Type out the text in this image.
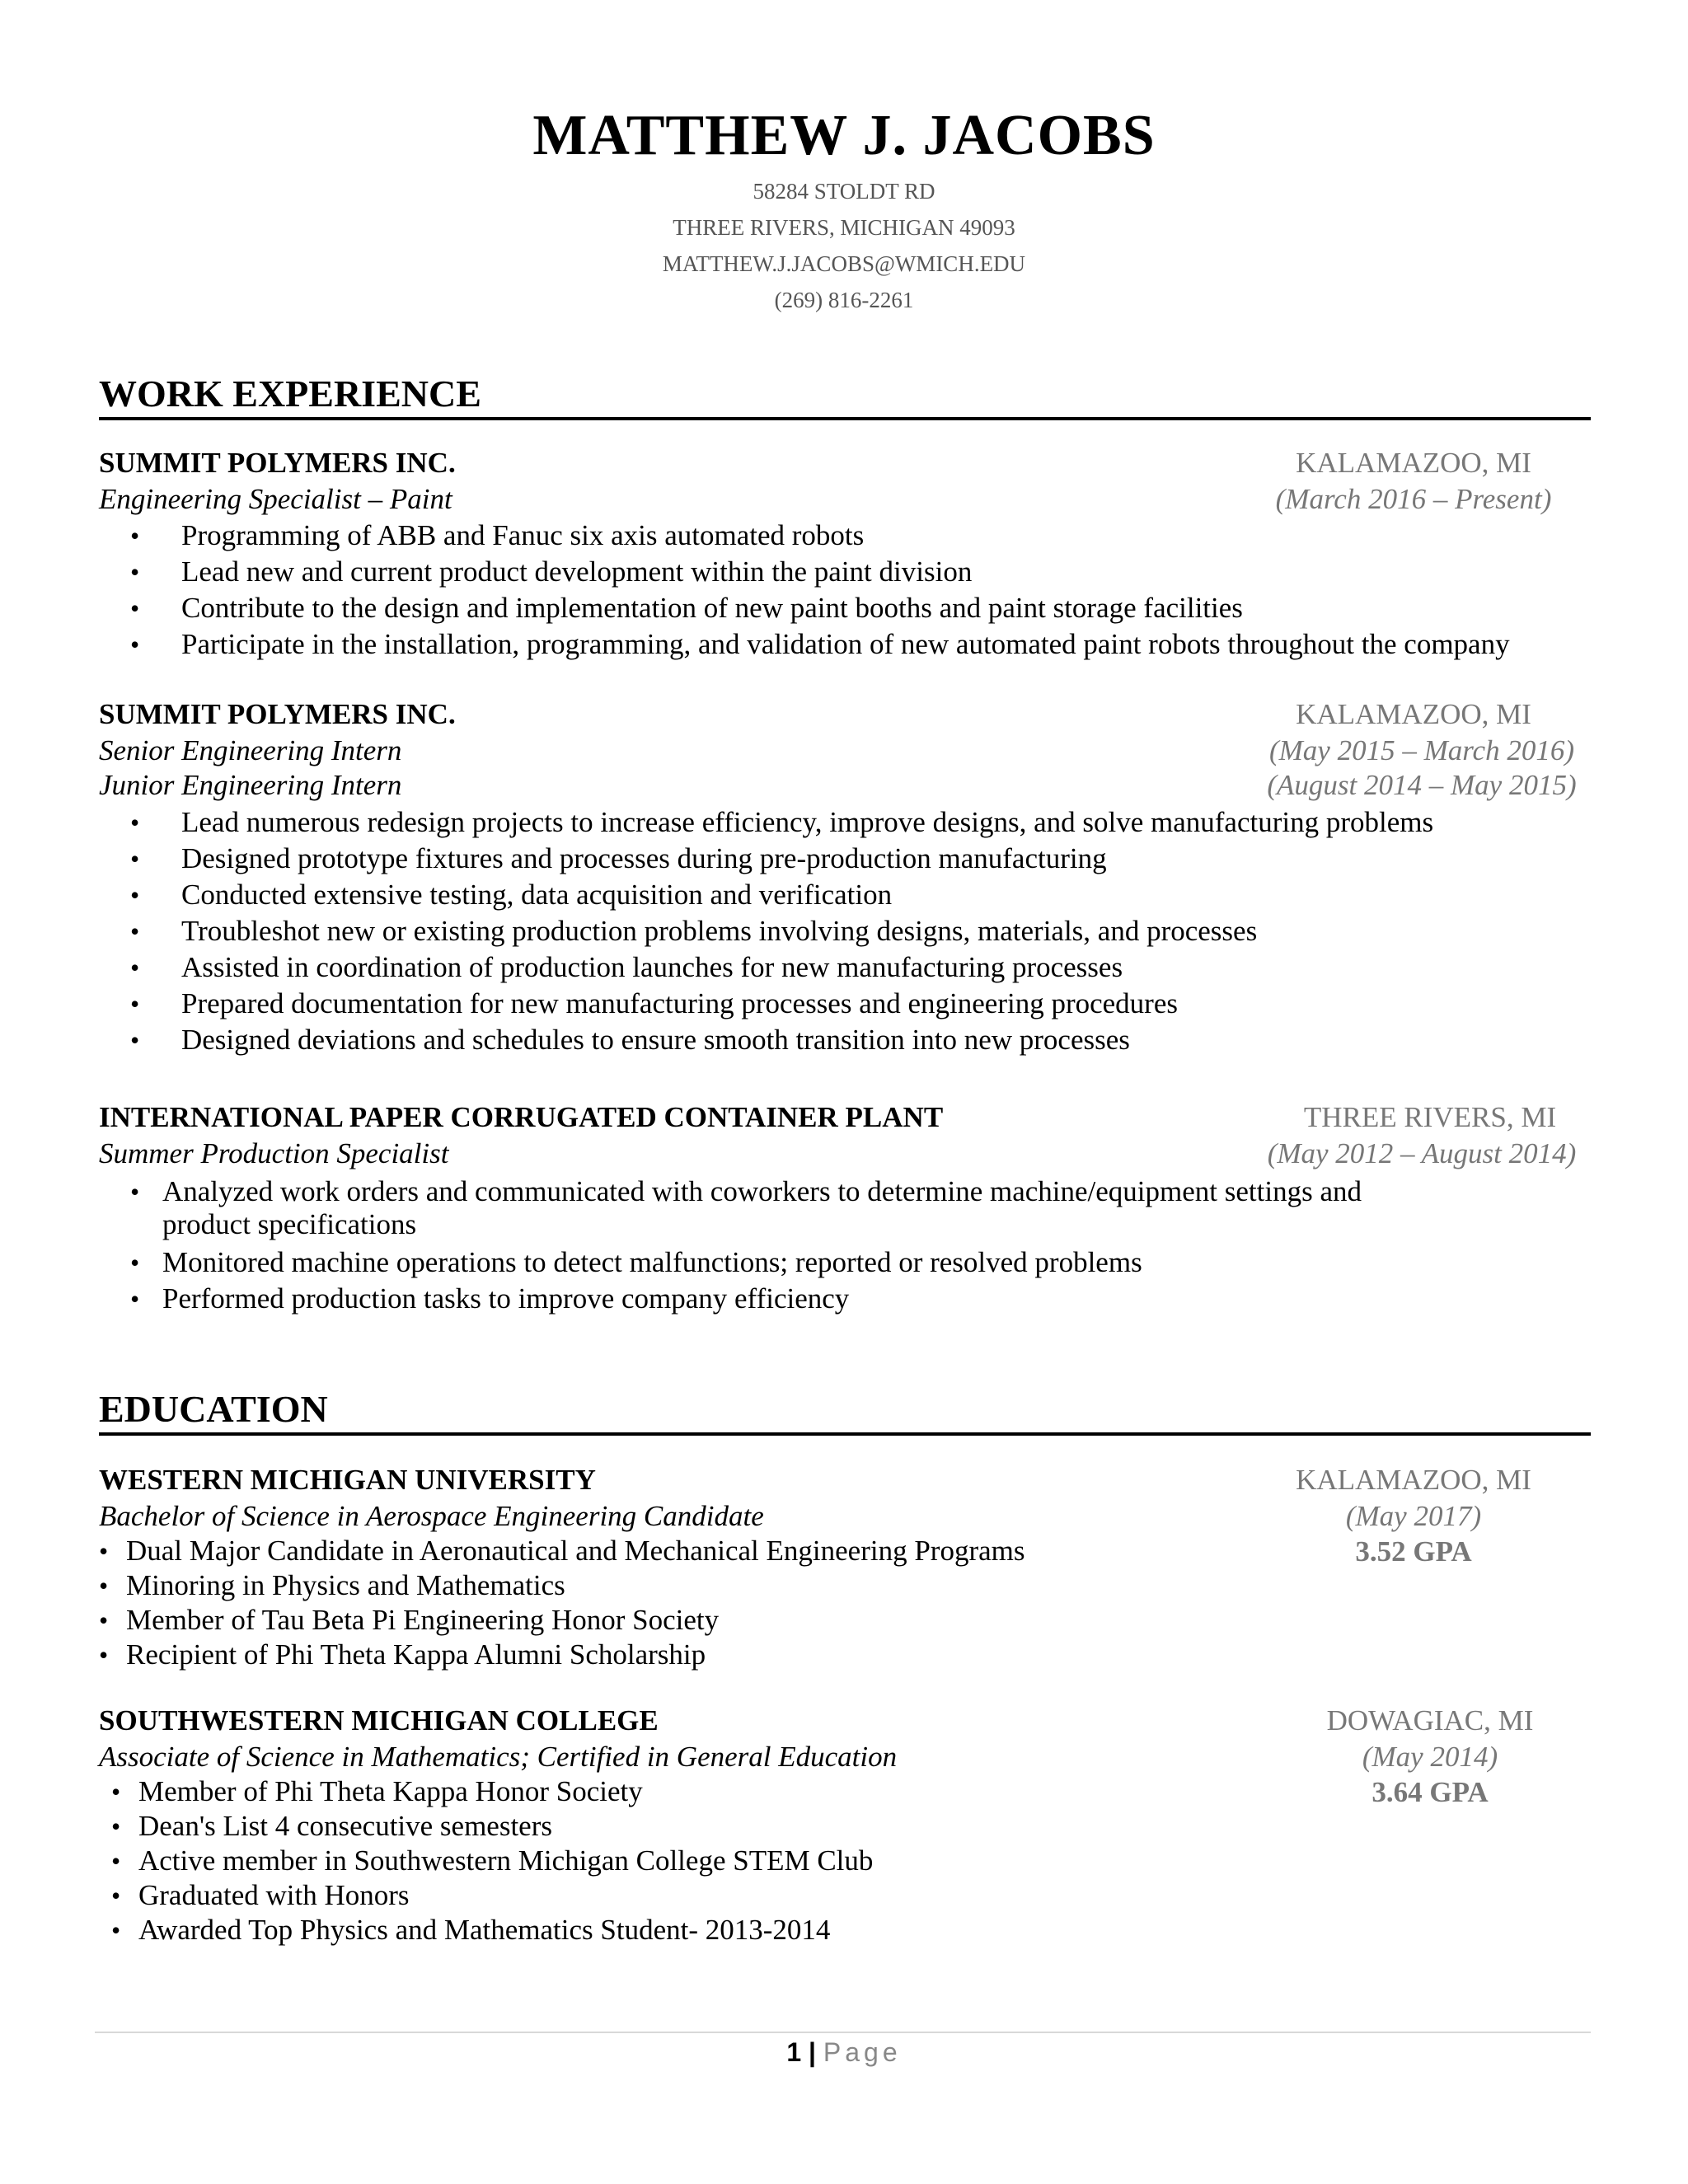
MATTHEW J. JACOBS
58284 STOLDT RD
THREE RIVERS, MICHIGAN 49093
MATTHEW.J.JACOBS@WMICH.EDU
(269) 816-2261
WORK EXPERIENCE
SUMMIT POLYMERS INC.	KALAMAZOO, MI
Engineering Specialist – Paint	(March 2016 – Present)
• Programming of ABB and Fanuc six axis automated robots
• Lead new and current product development within the paint division
• Contribute to the design and implementation of new paint booths and paint storage facilities
• Participate in the installation, programming, and validation of new automated paint robots throughout the company
SUMMIT POLYMERS INC.	KALAMAZOO, MI
Senior Engineering Intern	(May 2015 – March 2016)
Junior Engineering Intern	(August 2014 – May 2015)
• Lead numerous redesign projects to increase efficiency, improve designs, and solve manufacturing problems
• Designed prototype fixtures and processes during pre-production manufacturing
• Conducted extensive testing, data acquisition and verification
• Troubleshot new or existing production problems involving designs, materials, and processes
• Assisted in coordination of production launches for new manufacturing processes
• Prepared documentation for new manufacturing processes and engineering procedures
• Designed deviations and schedules to ensure smooth transition into new processes
INTERNATIONAL PAPER CORRUGATED CONTAINER PLANT	THREE RIVERS, MI
Summer Production Specialist	(May 2012 – August 2014)
• Analyzed work orders and communicated with coworkers to determine machine/equipment settings and
product specifications
• Monitored machine operations to detect malfunctions; reported or resolved problems
• Performed production tasks to improve company efficiency
EDUCATION
WESTERN MICHIGAN UNIVERSITY	KALAMAZOO, MI
Bachelor of Science in Aerospace Engineering Candidate	(May 2017)
3.52 GPA
• Dual Major Candidate in Aeronautical and Mechanical Engineering Programs
• Minoring in Physics and Mathematics
• Member of Tau Beta Pi Engineering Honor Society
• Recipient of Phi Theta Kappa Alumni Scholarship
SOUTHWESTERN MICHIGAN COLLEGE	DOWAGIAC, MI
Associate of Science in Mathematics; Certified in General Education	(May 2014)
3.64 GPA
• Member of Phi Theta Kappa Honor Society
• Dean's List 4 consecutive semesters
• Active member in Southwestern Michigan College STEM Club
• Graduated with Honors
• Awarded Top Physics and Mathematics Student- 2013-2014
1 | Page
